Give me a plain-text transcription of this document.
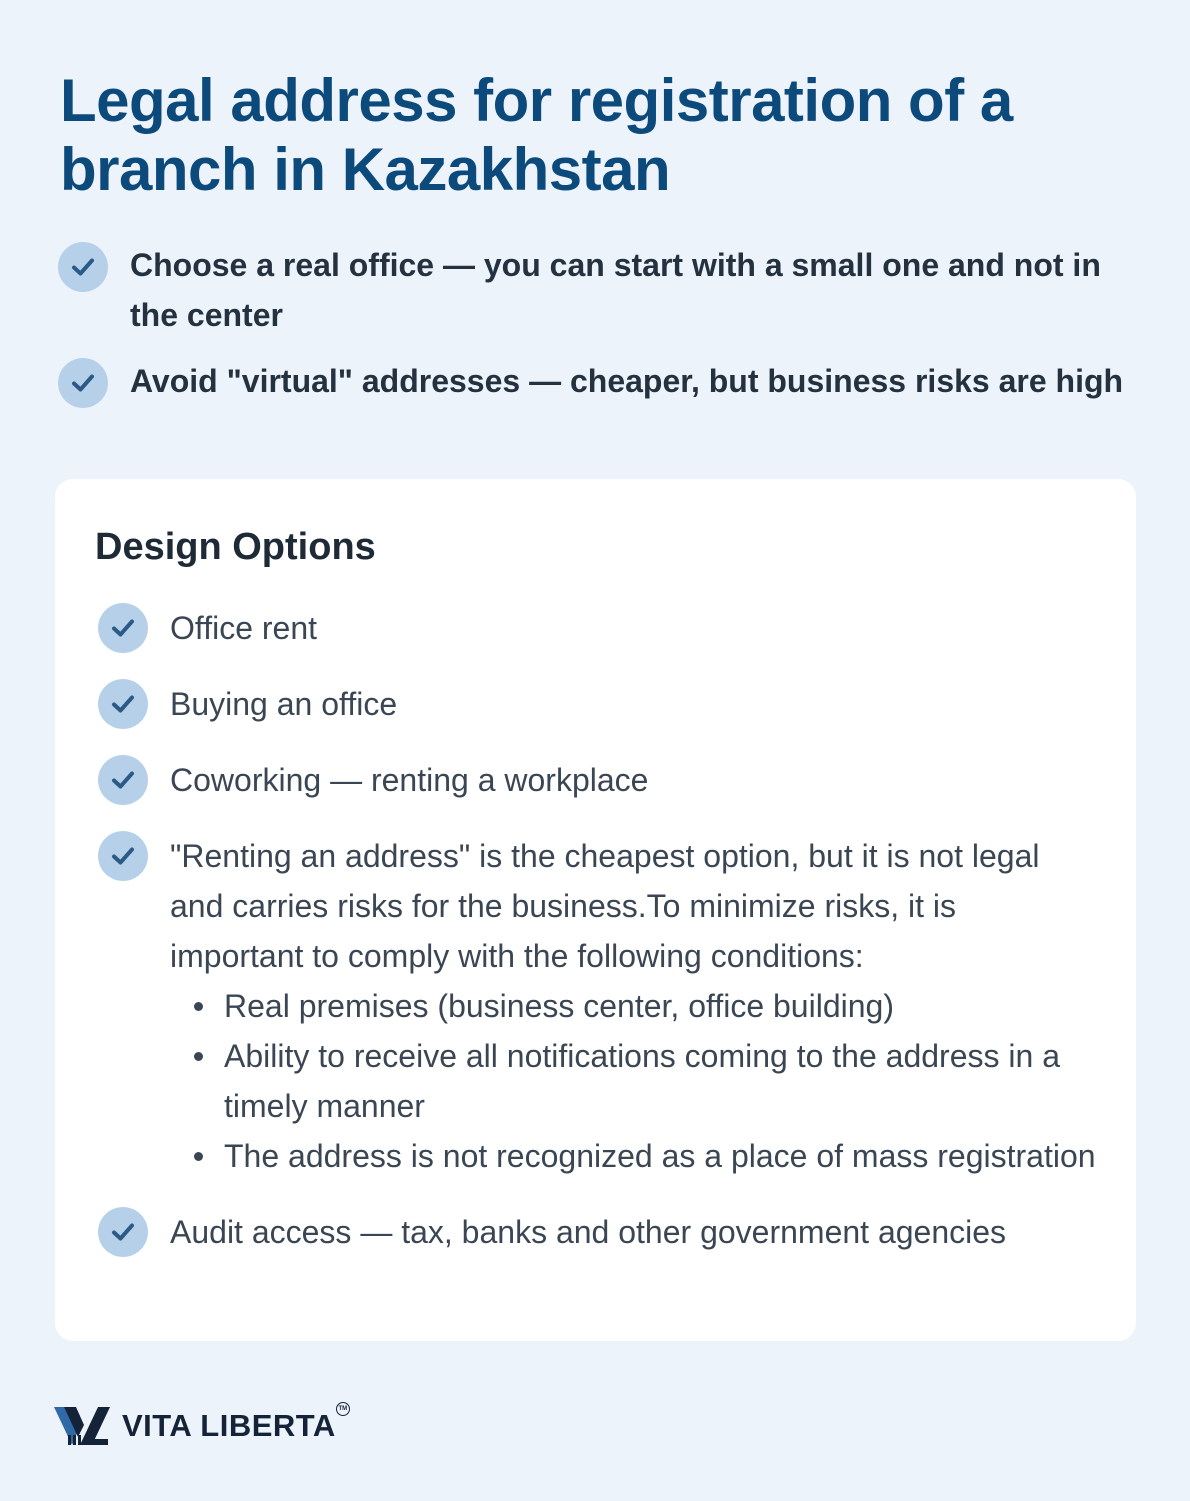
Legal address for registration of a branch in Kazakhstan
Choose a real office — you can start with a small one and not in the center
Avoid "virtual" addresses — cheaper, but business risks are high
Design Options
Office rent
Buying an office
Coworking — renting a workplace
"Renting an address" is the cheapest option, but it is not legal and carries risks for the business.To minimize risks, it is important to comply with the following conditions:
Real premises (business center, office building)
Ability to receive all notifications coming to the address in a timely manner
The address is not recognized as a place of mass registration
Audit access — tax, banks and other government agencies
VITA LIBERTA TM
